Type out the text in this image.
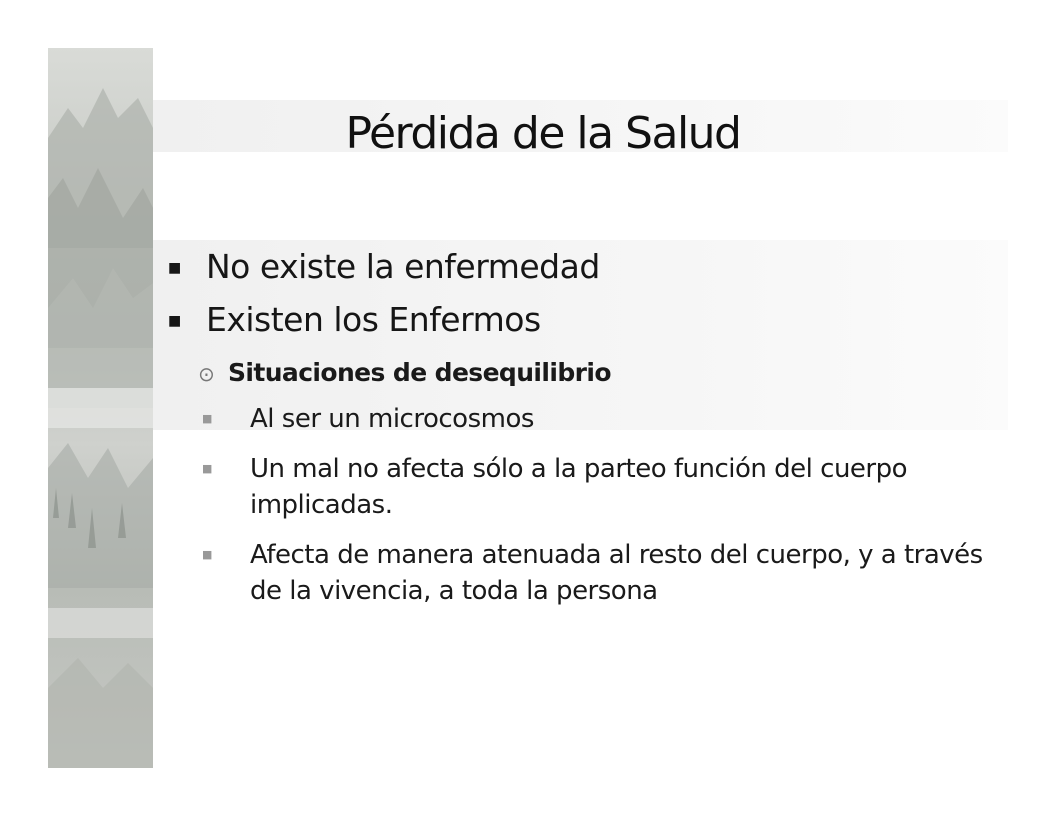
Pérdida de la Salud
■ No existe la enfermedad
■ Existen los Enfermos
⊙ Situaciones de desequilibrio
■	Al ser un microcosmos
■	Un mal no afecta sólo a la parteo función del cuerpo implicadas.
■	Afecta de manera atenuada al resto del cuerpo, y a través de la vivencia, a toda la persona
